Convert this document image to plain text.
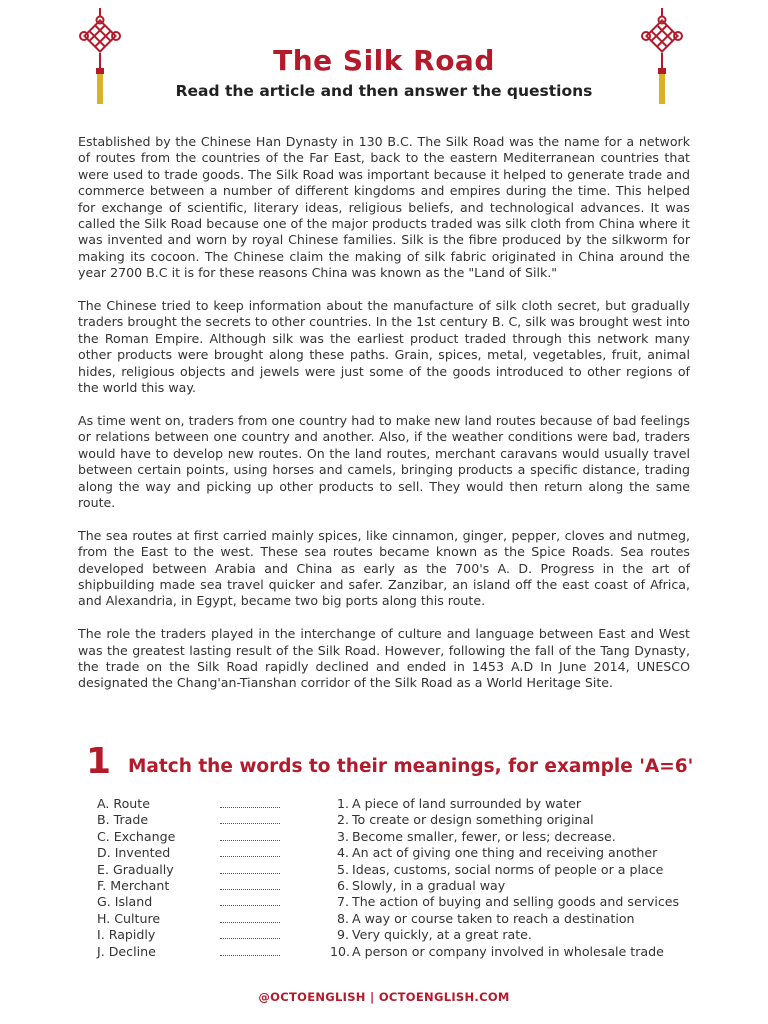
The Silk Road
Read the article and then answer the questions

Established by the Chinese Han Dynasty in 130 B.C. The Silk Road was the name for a network of routes from the countries of the Far East, back to the eastern Mediterranean countries that were used to trade goods. The Silk Road was important because it helped to generate trade and commerce between a number of different kingdoms and empires during the time. This helped for exchange of scientific, literary ideas, religious beliefs, and technological advances. It was called the Silk Road because one of the major products traded was silk cloth from China where it was invented and worn by royal Chinese families. Silk is the fibre produced by the silkworm for making its cocoon. The Chinese claim the making of silk fabric originated in China around the year 2700 B.C it is for these reasons China was known as the "Land of Silk."

The Chinese tried to keep information about the manufacture of silk cloth secret, but gradually traders brought the secrets to other countries. In the 1st century B. C, silk was brought west into the Roman Empire. Although silk was the earliest product traded through this network many other products were brought along these paths. Grain, spices, metal, vegetables, fruit, animal hides, religious objects and jewels were just some of the goods introduced to other regions of the world this way.

As time went on, traders from one country had to make new land routes because of bad feelings or relations between one country and another. Also, if the weather conditions were bad, traders would have to develop new routes. On the land routes, merchant caravans would usually travel between certain points, using horses and camels, bringing products a specific distance, trading along the way and picking up other products to sell. They would then return along the same route.

The sea routes at first carried mainly spices, like cinnamon, ginger, pepper, cloves and nutmeg, from the East to the west. These sea routes became known as the Spice Roads. Sea routes developed between Arabia and China as early as the 700's A. D. Progress in the art of shipbuilding made sea travel quicker and safer. Zanzibar, an island off the east coast of Africa, and Alexandria, in Egypt, became two big ports along this route.

The role the traders played in the interchange of culture and language between East and West was the greatest lasting result of the Silk Road. However, following the fall of the Tang Dynasty, the trade on the Silk Road rapidly declined and ended in 1453 A.D In June 2014, UNESCO designated the Chang'an-Tianshan corridor of the Silk Road as a World Heritage Site.

1 Match the words to their meanings, for example 'A=6'
A. Route	1. A piece of land surrounded by water
B. Trade	2. To create or design something original
C. Exchange	3. Become smaller, fewer, or less; decrease.
D. Invented	4. An act of giving one thing and receiving another
E. Gradually	5. Ideas, customs, social norms of people or a place
F. Merchant	6. Slowly, in a gradual way
G. Island	7. The action of buying and selling goods and services
H. Culture	8. A way or course taken to reach a destination
I. Rapidly	9. Very quickly, at a great rate.
J. Decline	10. A person or company involved in wholesale trade
@OCTOENGLISH | OCTOENGLISH.COM
